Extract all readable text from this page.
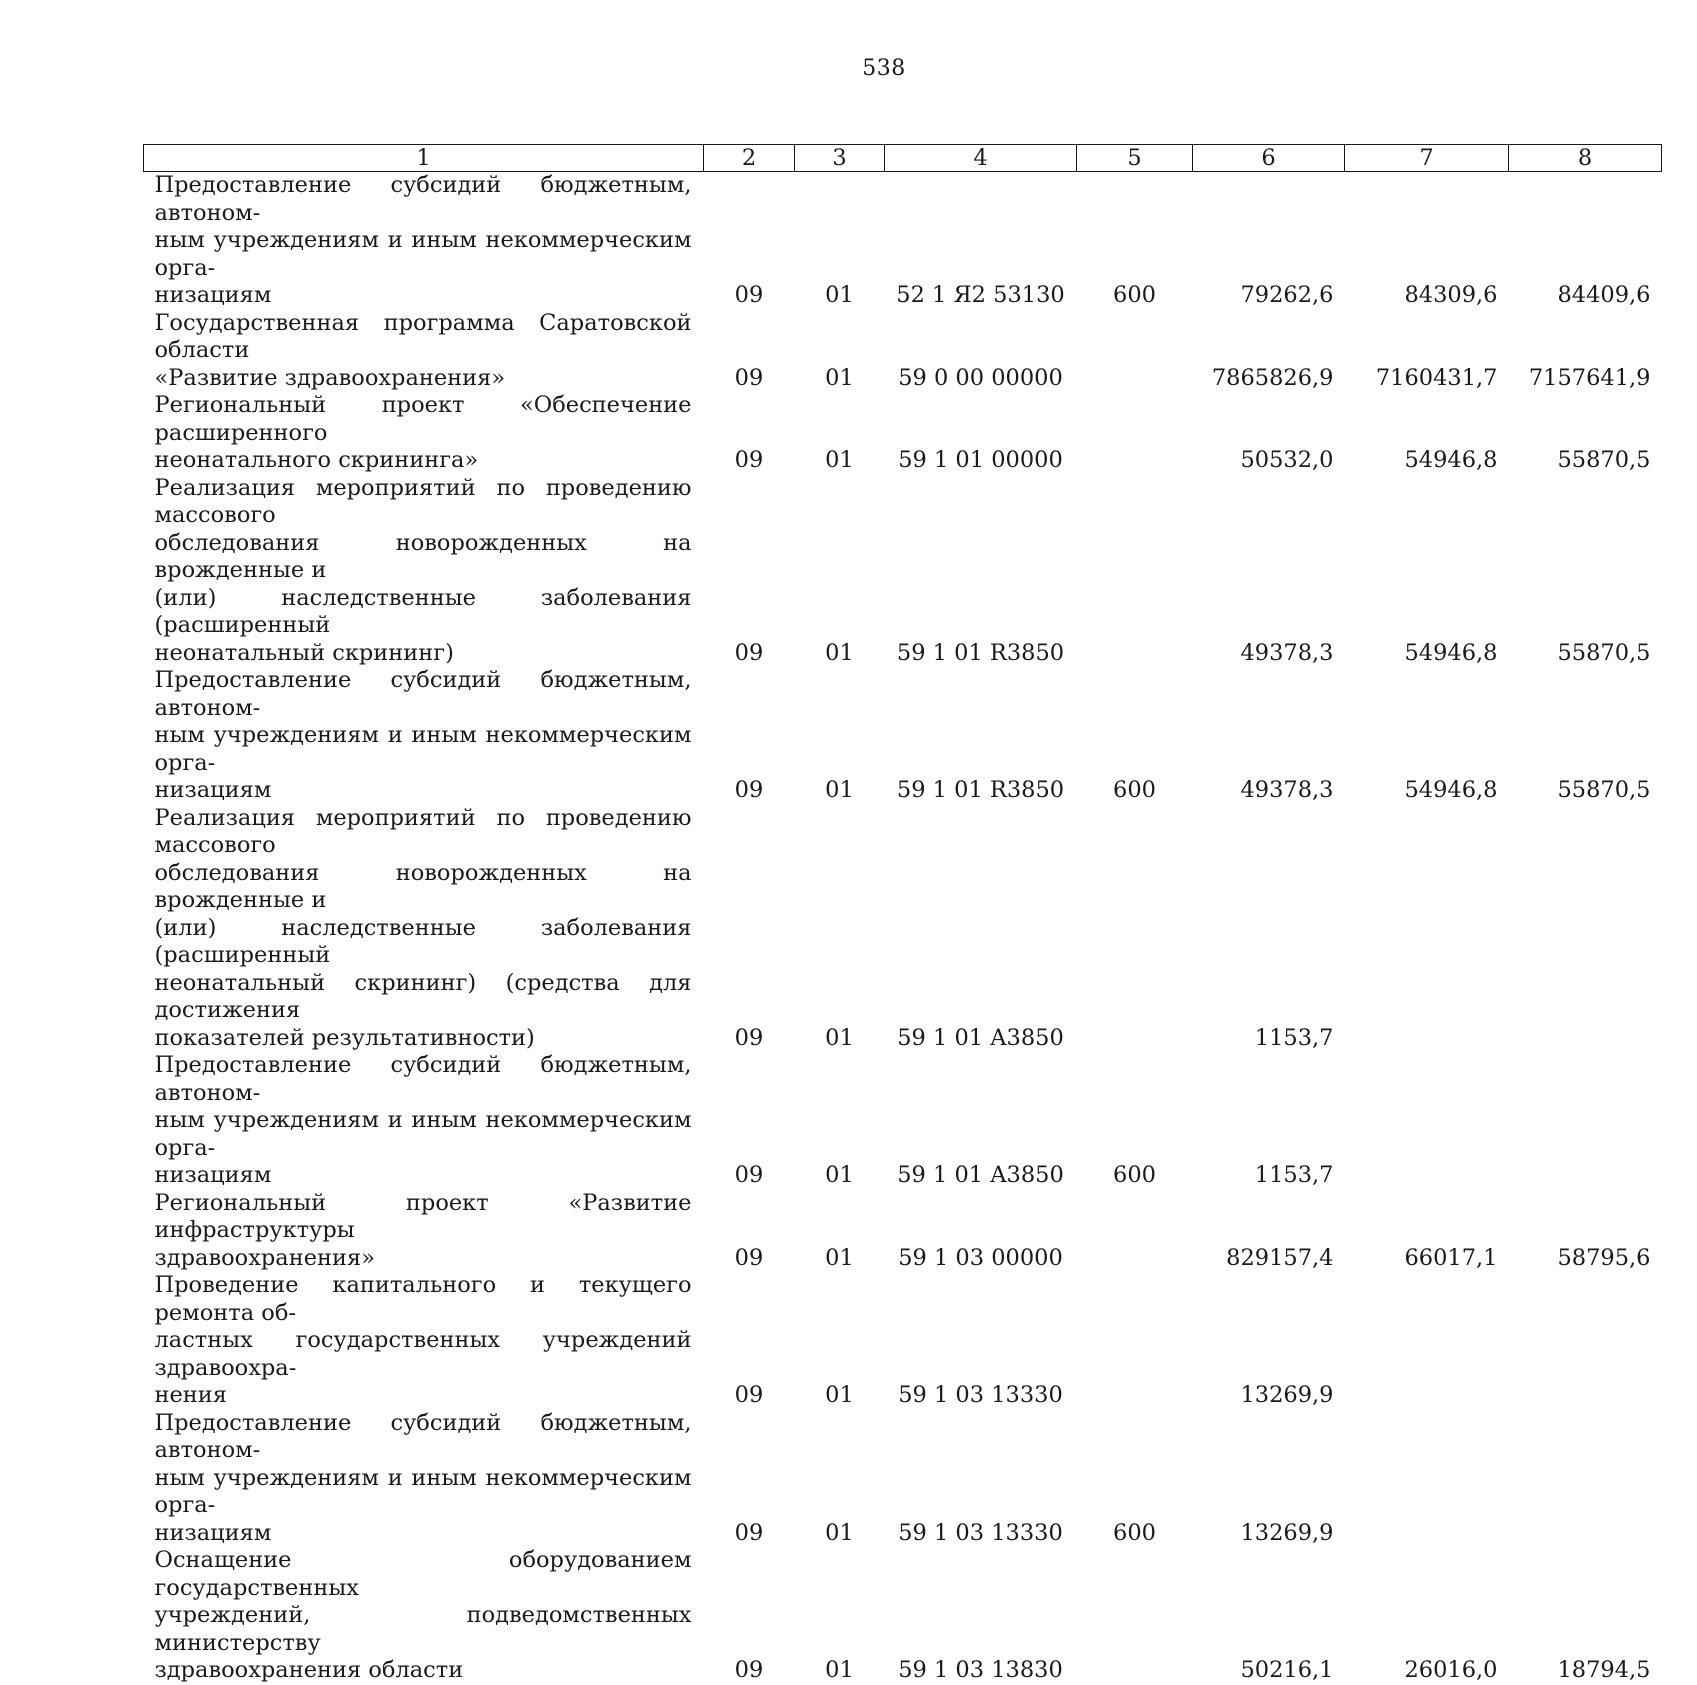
538
1	2	3	4	5	6	7	8
Предоставление субсидий бюджетным, автоном-
ным учреждениям и иным некоммерческим орга-
низациям	09	01	52 1 Я2 53130	600	79262,6	84309,6	84409,6
Государственная программа Саратовской области
«Развитие здравоохранения»	09	01	59 0 00 00000		7865826,9	7160431,7	7157641,9
Региональный проект «Обеспечение расширенного
неонатального скрининга»	09	01	59 1 01 00000		50532,0	54946,8	55870,5
Реализация мероприятий по проведению массового
обследования новорожденных на врожденные и
(или) наследственные заболевания (расширенный
неонатальный скрининг)	09	01	59 1 01 R3850		49378,3	54946,8	55870,5
Предоставление субсидий бюджетным, автоном-
ным учреждениям и иным некоммерческим орга-
низациям	09	01	59 1 01 R3850	600	49378,3	54946,8	55870,5
Реализация мероприятий по проведению массового
обследования новорожденных на врожденные и
(или) наследственные заболевания (расширенный
неонатальный скрининг) (средства для достижения
показателей результативности)	09	01	59 1 01 A3850		1153,7		
Предоставление субсидий бюджетным, автоном-
ным учреждениям и иным некоммерческим орга-
низациям	09	01	59 1 01 A3850	600	1153,7		
Региональный проект «Развитие инфраструктуры
здравоохранения»	09	01	59 1 03 00000		829157,4	66017,1	58795,6
Проведение капитального и текущего ремонта об-
ластных государственных учреждений здравоохра-
нения	09	01	59 1 03 13330		13269,9		
Предоставление субсидий бюджетным, автоном-
ным учреждениям и иным некоммерческим орга-
низациям	09	01	59 1 03 13330	600	13269,9		
Оснащение оборудованием государственных
учреждений, подведомственных министерству
здравоохранения области	09	01	59 1 03 13830		50216,1	26016,0	18794,5
